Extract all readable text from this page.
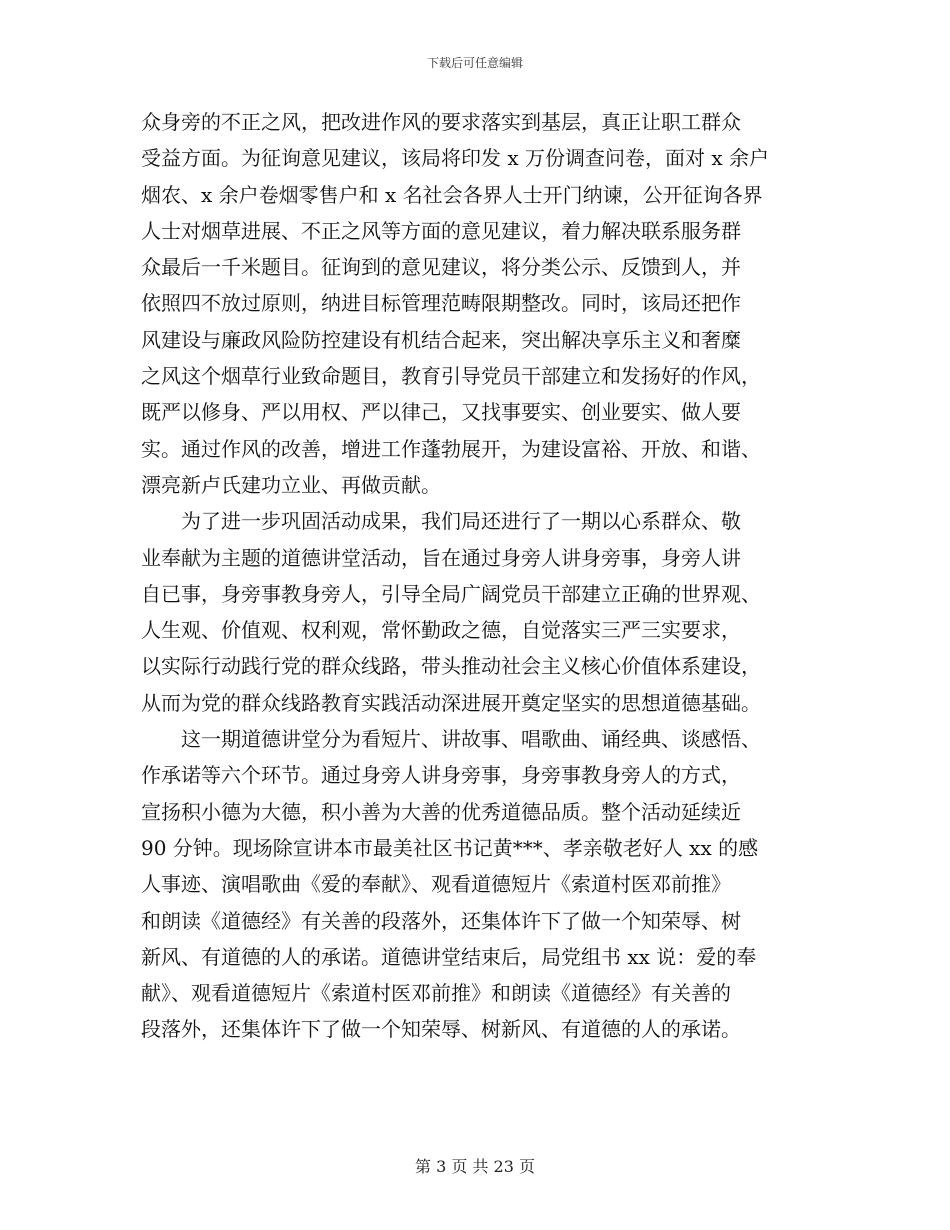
下载后可任意编辑
众身旁的不正之风，把改进作风的要求落实到基层，真正让职工群众
受益方面。为征询意见建议，该局将印发 x 万份调查问卷，面对 x 余户
烟农、x 余户卷烟零售户和 x 名社会各界人士开门纳谏，公开征询各界
人士对烟草进展、不正之风等方面的意见建议，着力解决联系服务群
众最后一千米题目。征询到的意见建议，将分类公示、反馈到人，并
依照四不放过原则，纳进目标管理范畴限期整改。同时，该局还把作
风建设与廉政风险防控建设有机结合起来，突出解决享乐主义和奢糜
之风这个烟草行业致命题目，教育引导党员干部建立和发扬好的作风，
既严以修身、严以用权、严以律己，又找事要实、创业要实、做人要
实。通过作风的改善，增进工作蓬勃展开，为建设富裕、开放、和谐、
漂亮新卢氏建功立业、再做贡献。
为了进一步巩固活动成果，我们局还进行了一期以心系群众、敬
业奉献为主题的道德讲堂活动，旨在通过身旁人讲身旁事，身旁人讲
自已事，身旁事教身旁人，引导全局广阔党员干部建立正确的世界观、
人生观、价值观、权利观，常怀勤政之德，自觉落实三严三实要求，
以实际行动践行党的群众线路，带头推动社会主义核心价值体系建设，
从而为党的群众线路教育实践活动深进展开奠定坚实的思想道德基础。
这一期道德讲堂分为看短片、讲故事、唱歌曲、诵经典、谈感悟、
作承诺等六个环节。通过身旁人讲身旁事，身旁事教身旁人的方式，
宣扬积小德为大德，积小善为大善的优秀道德品质。整个活动延续近
90 分钟。现场除宣讲本市最美社区书记黄***、孝亲敬老好人 xx 的感
人事迹、演唱歌曲《爱的奉献》、观看道德短片《索道村医邓前推》
和朗读《道德经》有关善的段落外，还集体许下了做一个知荣辱、树
新风、有道德的人的承诺。道德讲堂结束后，局党组书 xx 说：爱的奉
献》、观看道德短片《索道村医邓前推》和朗读《道德经》有关善的
段落外，还集体许下了做一个知荣辱、树新风、有道德的人的承诺。
第 3 页 共 23 页
